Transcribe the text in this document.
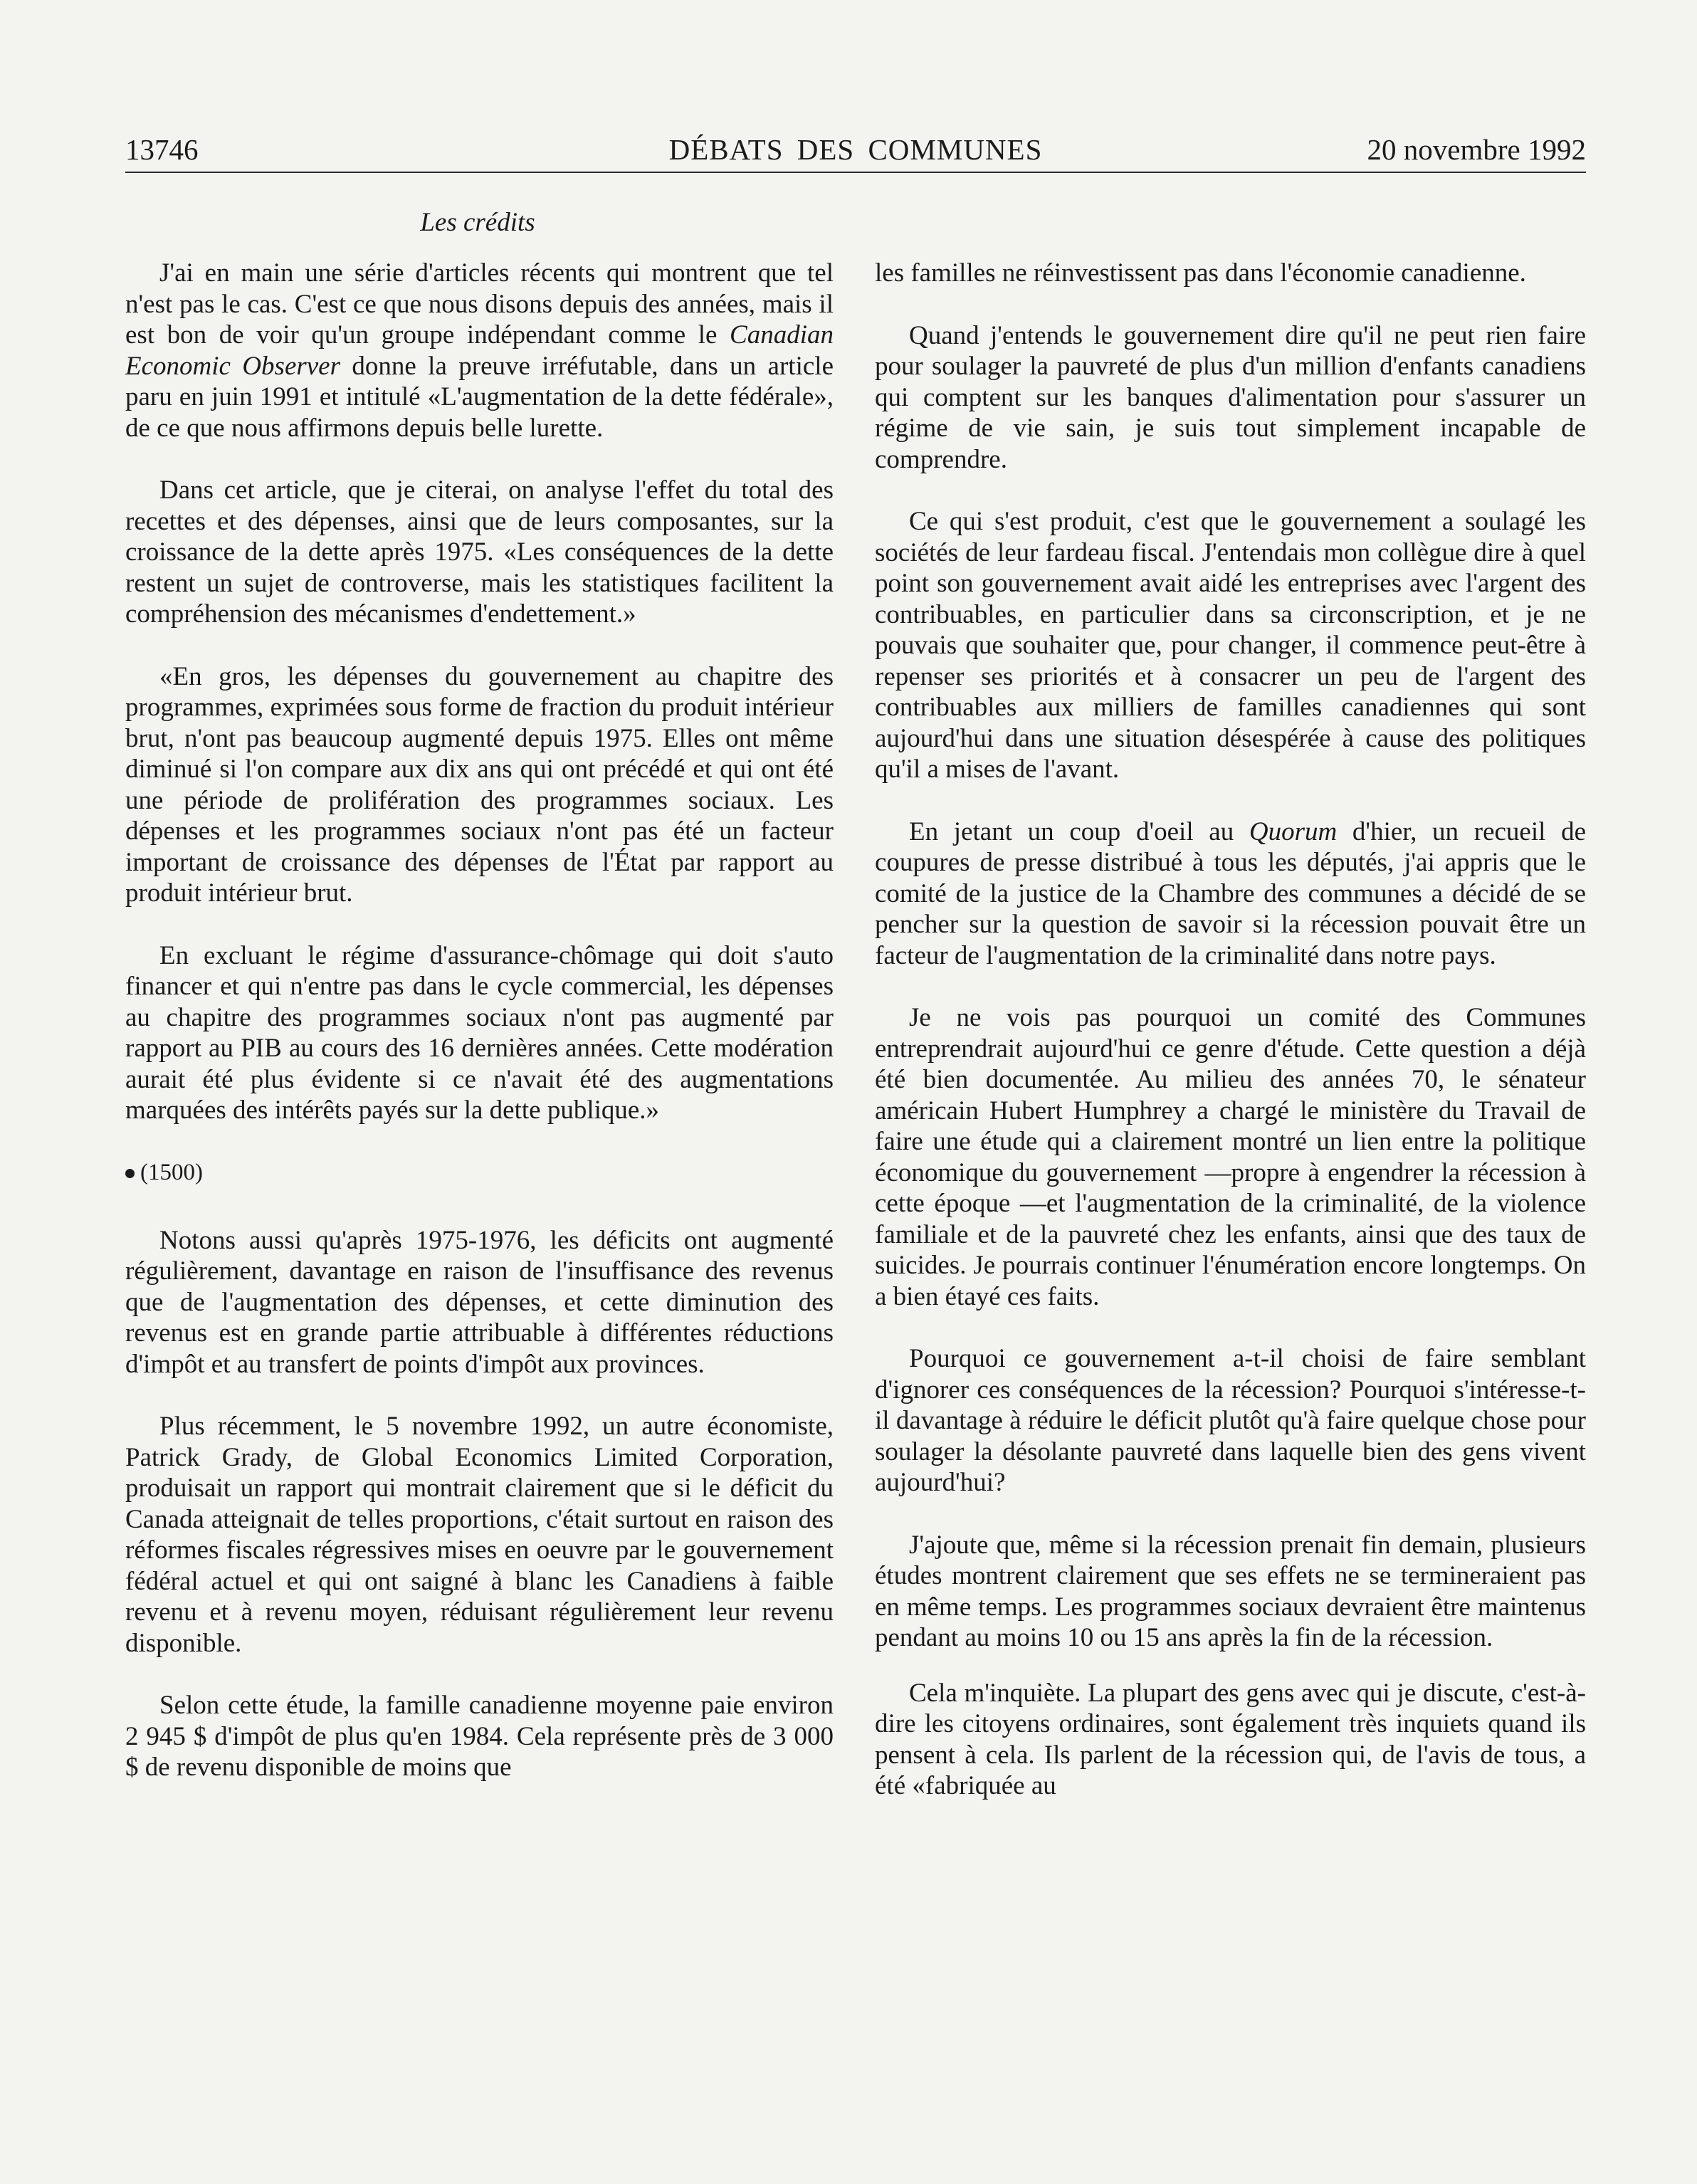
13746	DÉBATS DES COMMUNES	20 novembre 1992
Les crédits

J'ai en main une série d'articles récents qui montrent que tel n'est pas le cas. C'est ce que nous disons depuis des années, mais il est bon de voir qu'un groupe indépendant comme le Canadian Economic Observer donne la preuve irréfutable, dans un article paru en juin 1991 et intitulé «L'augmentation de la dette fédérale», de ce que nous affirmons depuis belle lurette.

Dans cet article, que je citerai, on analyse l'effet du total des recettes et des dépenses, ainsi que de leurs composantes, sur la croissance de la dette après 1975. «Les conséquences de la dette restent un sujet de controverse, mais les statistiques facilitent la compréhension des mécanismes d'endettement.»

«En gros, les dépenses du gouvernement au chapitre des programmes, exprimées sous forme de fraction du produit intérieur brut, n'ont pas beaucoup augmenté depuis 1975. Elles ont même diminué si l'on compare aux dix ans qui ont précédé et qui ont été une période de prolifération des programmes sociaux. Les dépenses et les programmes sociaux n'ont pas été un facteur important de croissance des dépenses de l'État par rapport au produit intérieur brut.

En excluant le régime d'assurance-chômage qui doit s'auto financer et qui n'entre pas dans le cycle commercial, les dépenses au chapitre des programmes sociaux n'ont pas augmenté par rapport au PIB au cours des 16 dernières années. Cette modération aurait été plus évidente si ce n'avait été des augmentations marquées des intérêts payés sur la dette publique.»

(1500)

Notons aussi qu'après 1975-1976, les déficits ont augmenté régulièrement, davantage en raison de l'insuffisance des revenus que de l'augmentation des dépenses, et cette diminution des revenus est en grande partie attribuable à différentes réductions d'impôt et au transfert de points d'impôt aux provinces.

Plus récemment, le 5 novembre 1992, un autre économiste, Patrick Grady, de Global Economics Limited Corporation, produisait un rapport qui montrait clairement que si le déficit du Canada atteignait de telles proportions, c'était surtout en raison des réformes fiscales régressives mises en oeuvre par le gouvernement fédéral actuel et qui ont saigné à blanc les Canadiens à faible revenu et à revenu moyen, réduisant régulièrement leur revenu disponible.

Selon cette étude, la famille canadienne moyenne paie environ 2 945 $ d'impôt de plus qu'en 1984. Cela représente près de 3 000 $ de revenu disponible de moins que

les familles ne réinvestissent pas dans l'économie canadienne.

Quand j'entends le gouvernement dire qu'il ne peut rien faire pour soulager la pauvreté de plus d'un million d'enfants canadiens qui comptent sur les banques d'alimentation pour s'assurer un régime de vie sain, je suis tout simplement incapable de comprendre.

Ce qui s'est produit, c'est que le gouvernement a soulagé les sociétés de leur fardeau fiscal. J'entendais mon collègue dire à quel point son gouvernement avait aidé les entreprises avec l'argent des contribuables, en particulier dans sa circonscription, et je ne pouvais que souhaiter que, pour changer, il commence peut-être à repenser ses priorités et à consacrer un peu de l'argent des contribuables aux milliers de familles canadiennes qui sont aujourd'hui dans une situation désespérée à cause des politiques qu'il a mises de l'avant.

En jetant un coup d'oeil au Quorum d'hier, un recueil de coupures de presse distribué à tous les députés, j'ai appris que le comité de la justice de la Chambre des communes a décidé de se pencher sur la question de savoir si la récession pouvait être un facteur de l'augmentation de la criminalité dans notre pays.

Je ne vois pas pourquoi un comité des Communes entreprendrait aujourd'hui ce genre d'étude. Cette question a déjà été bien documentée. Au milieu des années 70, le sénateur américain Hubert Humphrey a chargé le ministère du Travail de faire une étude qui a clairement montré un lien entre la politique économique du gouvernement —propre à engendrer la récession à cette époque —et l'augmentation de la criminalité, de la violence familiale et de la pauvreté chez les enfants, ainsi que des taux de suicides. Je pourrais continuer l'énumération encore longtemps. On a bien étayé ces faits.

Pourquoi ce gouvernement a-t-il choisi de faire semblant d'ignorer ces conséquences de la récession? Pourquoi s'intéresse-t-il davantage à réduire le déficit plutôt qu'à faire quelque chose pour soulager la désolante pauvreté dans laquelle bien des gens vivent aujourd'hui?

J'ajoute que, même si la récession prenait fin demain, plusieurs études montrent clairement que ses effets ne se termineraient pas en même temps. Les programmes sociaux devraient être maintenus pendant au moins 10 ou 15 ans après la fin de la récession.

Cela m'inquiète. La plupart des gens avec qui je discute, c'est-à-dire les citoyens ordinaires, sont également très inquiets quand ils pensent à cela. Ils parlent de la récession qui, de l'avis de tous, a été «fabriquée au
